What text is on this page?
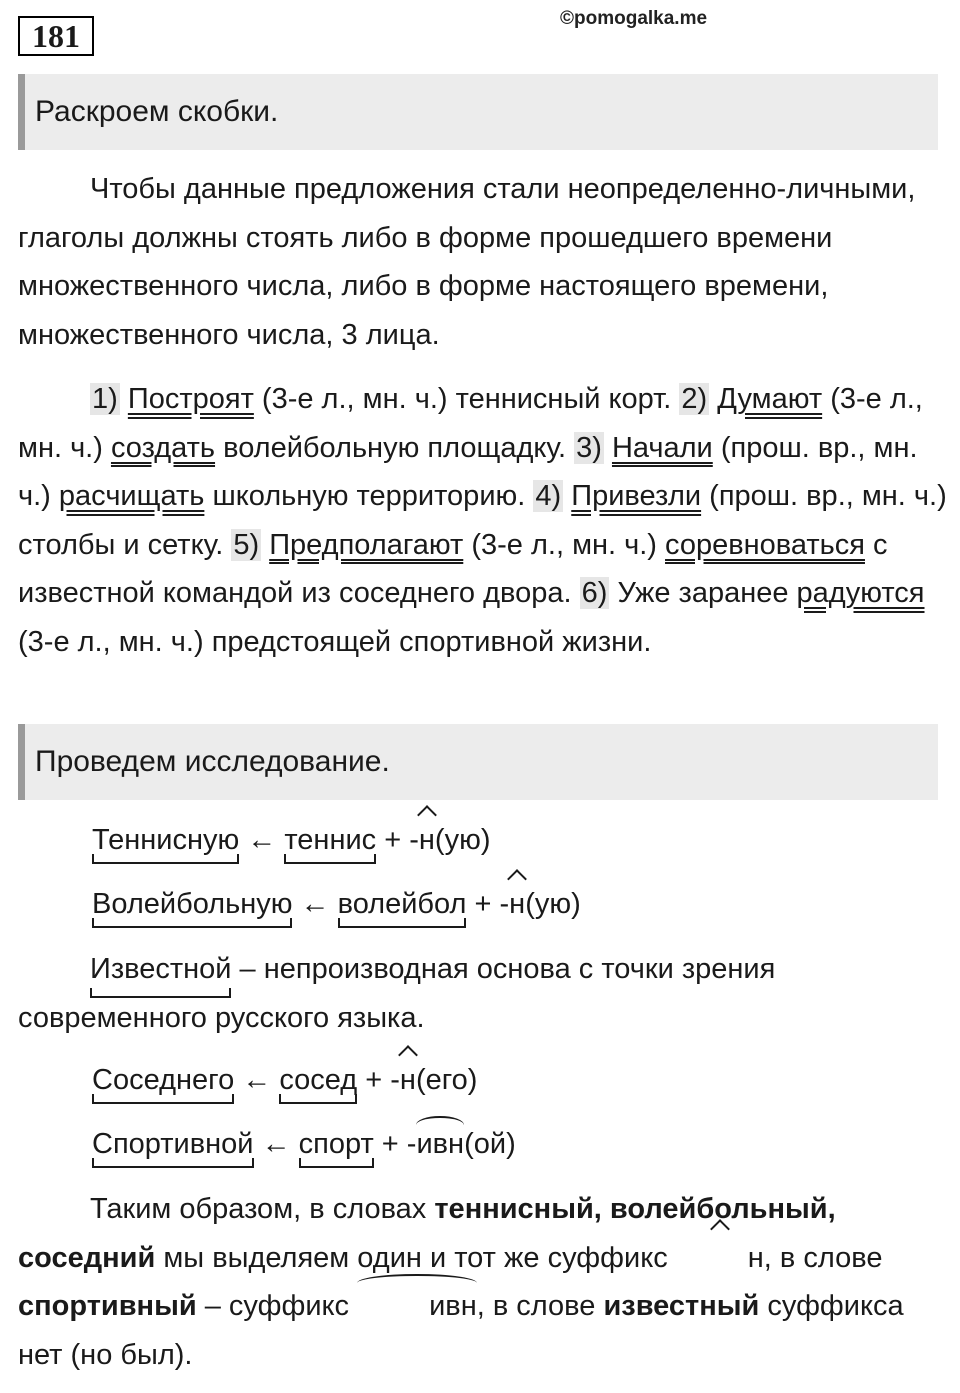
181	©pomogalka.me
Раскроем скобки.

Чтобы данные предложения стали неопределенно-личными, глаголы должны стоять либо в форме прошедшего времени множественного числа, либо в форме настоящего времени, множественного числа, 3 лица.

1) Построят (3-е л., мн. ч.) теннисный корт. 2) Думают (3-е л., мн. ч.) создать волейбольную площадку. 3) Начали (прош. вр., мн. ч.) расчищать школьную территорию. 4) Привезли (прош. вр., мн. ч.) столбы и сетку. 5) Предполагают (3-е л., мн. ч.) соревноваться с известной командой из соседнего двора. 6) Уже заранее радуются (3-е л., мн. ч.) предстоящей спортивной жизни.

Проведем исследование.
Теннисную ← теннис + -н(ую)
Волейбольную ← волейбол + -н(ую)

Известной – непроизводная основа с точки зрения современного русского языка.

Соседнего ← сосед + -н(его)
Спортивной ← спорт + -ивн(ой)

Таким образом, в словах теннисный, волейбольный, соседний мы выделяем один и тот же суффикс	н, в слове спортивный – суффикс	ивн, в слове известный суффикса нет (но был).
